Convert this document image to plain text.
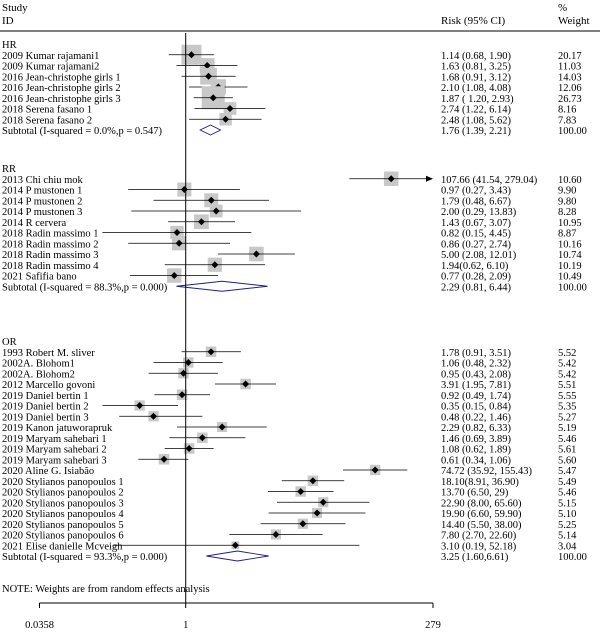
Study
ID	Risk (95% CI)
%
Weight
HR
2009 Kumar rajamani1	1.14 (0.68, 1.90)	20.17
2009 Kumar rajamani2	1.63 (0.81, 3.25)	11.03
2016 Jean-christophe girls 1	1.68 (0.91, 3.12)	14.03
2016 Jean-christophe girls 2	2.10 (1.08, 4.08)	12.06
2016 Jean-christophe girls 3	1.87 ( 1.20, 2.93)	26.73
2018 Serena fasano 1	2.74 (1.22, 6.14)	8.16
2018 Serena fasano 2	2.48 (1.08, 5.62)	7.83
Subtotal (I-squared = 0.0%,p = 0.547)	1.76 (1.39, 2.21)	100.00
RR
2013 Chi chiu mok	107.66 (41.54, 279.04) 10.60
2014 P mustonen 1	0.97 (0.27, 3.43)	9.90
2014 P mustonen 2	1.79 (0.48, 6.67)	9.80
2014 P mustonen 3	2.00 (0.29, 13.83)	8.28
2014 R cervera	1.43 (0.67, 3.07)	10.95
2018 Radin massimo 1	0.82 (0.15, 4.45)	8.87
2018 Radin massimo 2	0.86 (0.27, 2.74)	10.16
2018 Radin massimo 3	5.00 (2.08, 12.01)	10.74
2018 Radin massimo 4	1.94(0.62, 6.10)	10.19
2021 Safifia bano	0.77 (0.28, 2.09)	10.49
Subtotal (I-squared = 88.3%,p = 0.000)	2.29 (0.81, 6.44)	100.00
OR
1993 Robert M. sliver	1.78 (0.91, 3.51)	5.52
2002A. Blohom1	1.06 (0.48, 2.32)	5.42
2002A. Blohom2	0.95 (0.43, 2.08)	5.42
2012 Marcello govoni	3.91 (1.95, 7.81)	5.51
2019 Daniel bertin 1	0.92 (0.49, 1.74)	5.55
2019 Daniel bertin 2	0.35 (0.15, 0.84)	5.35
2019 Daniel bertin 3	0.48 (0.22, 1.46)	5.27
2019 Kanon jatuworapruk	2.29 (0.82, 6.33)	5.19
2019 Maryam sahebari 1	1.46 (0.69, 3.89)	5.46
2019 Maryam sahebari 2	1.08 (0.62, 1.89)	5.61
2019 Maryam sahebari 3	0.61 (0.34, 1.06)	5.60
2020 Aline G. Isiabão	74.72 (35.92, 155.43) 5.47
2020 Stylianos panopoulos 1	18.10(8.91, 36.90)	5.49
2020 Stylianos panopoulos 2	13.70 (6.50, 29)	5.46
2020 Stylianos panopoulos 3	22.90 (8.00, 65.60)	5.15
2020 Stylianos panopoulos 4	19.90 (6.60, 59.90)	5.10
2020 Stylianos panopoulos 5	14.40 (5.50, 38.00)	5.25
2020 Stylianos panopoulos 6	7.80 (2.70, 22.60)	5.14
2021 Elise danielle Mcveigh	3.10 (0.19, 52.18)	3.04
Subtotal (I-squared = 93.3%,p = 0.000)	3.25 (1.60,6.61)	100.00
NOTE: Weights are from random effects analysis
0.0358	1	279
